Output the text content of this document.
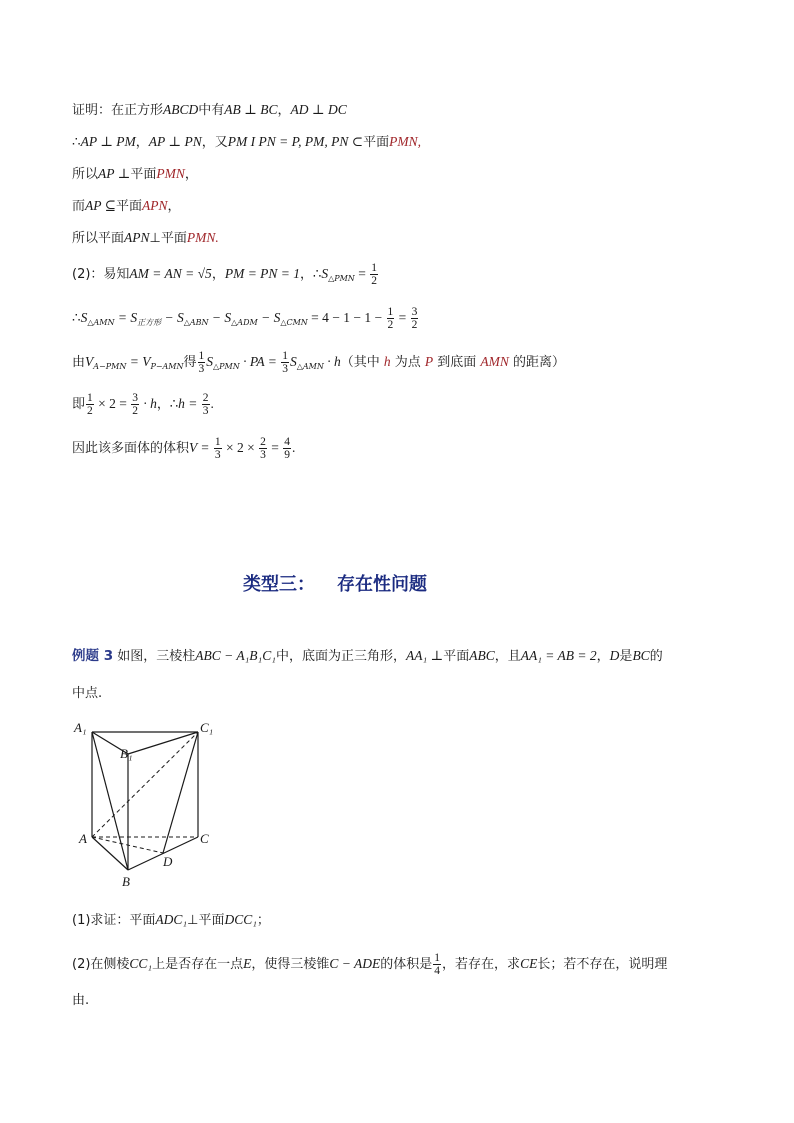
证明：在正方形ABCD中有AB ⊥ BC，AD ⊥ DC
∴AP ⊥ PM，AP ⊥ PN，又PM I PN = P, PM, PN ⊂平面PMN,
所以AP ⊥平面PMN，
而AP ⊆平面APN，
所以平面APN⊥平面PMN.
(2)：易知AM = AN = √5，PM = PN = 1，$\therefore S_{\triangle PMN} = \frac{1}{2}$
$\therefore S_{\triangle AMN} = S_{正方形} - S_{\triangle ABN} - S_{\triangle ADM} - S_{\triangle CMN} = 4 - 1 - 1 - \frac{1}{2} = \frac{3}{2}$
由$V_{A-PMN} = V_{P-AMN}$得 $\frac{1}{3} S_{\triangle PMN}$ · PA = $\frac{1}{3} S_{\triangle AMN} \cdot h$（其中 h 为点 P 到底面 AMN 的距离）
即 $\frac{1}{2} \times 2 = \frac{3}{2} \cdot h$，∴h = $\frac{2}{3}$ .
因此该多面体的体积$V = \frac{1}{3} \times 2 \times \frac{2}{3} = \frac{4}{9}$ .
类型三： 存在性问题
例题 3 如图，三棱柱ABC − A₁B₁C₁中，底面为正三角形，AA₁ ⊥平面ABC，且AA₁ = AB = 2，D是BC的
中点.
A₁
B₁
C₁
A	C
D
B
(1)求证：平面ADC₁⊥平面DCC₁；
(2)在侧棱CC₁上是否存在一点E，使得三棱锥C − ADE的体积是 $\frac{1}{4}$ ，若存在，求CE长；若不存在，说明理
由.
